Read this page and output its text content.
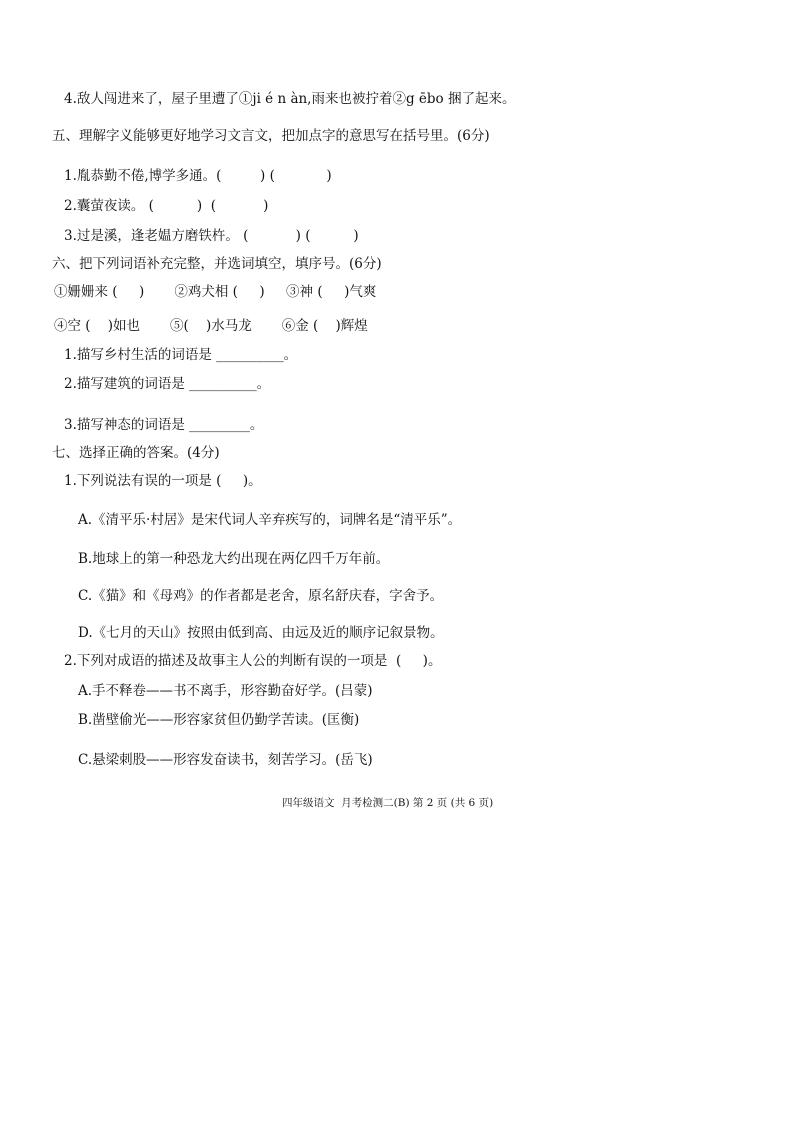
4.敌人闯进来了，屋子里遭了①ji é n àn,雨来也被拧着②g ēbo 捆了起来。
五、理解字义能够更好地学习文言文，把加点字的意思写在括号里。(6分)
1.胤恭勤不倦,博学多通。(         ) (            )
2.囊萤夜读。 (          )  (           )
3.过是溪，逢老媪方磨铁杵。 (           ) (          )
六、把下列词语补充完整，并选词填空，填序号。(6分)
①姗姗来 (     )       ②鸡犬相 (     )     ③神 (     )气爽
④空 (    )如也       ⑤(    )水马龙       ⑥金 (    )辉煌
1.描写乡村生活的词语是 __________。
2.描写建筑的词语是 __________。
3.描写神态的词语是 _________。
七、选择正确的答案。(4分)
1.下列说法有误的一项是 (     )。
A.《清平乐·村居》是宋代词人辛弃疾写的，词牌名是“清平乐”。
B.地球上的第一种恐龙大约出现在两亿四千万年前。
C.《猫》和《母鸡》的作者都是老舍，原名舒庆春，字舍予。
D.《七月的天山》按照由低到高、由远及近的顺序记叙景物。
2.下列对成语的描述及故事主人公的判断有误的一项是  (     )。
A.手不释卷——书不离手，形容勤奋好学。(吕蒙)
B.凿壁偷光——形容家贫但仍勤学苦读。(匡衡)
C.悬梁刺股——形容发奋读书，刻苦学习。(岳飞)
四年级语文  月考检测二(B) 第 2 页 (共 6 页)
